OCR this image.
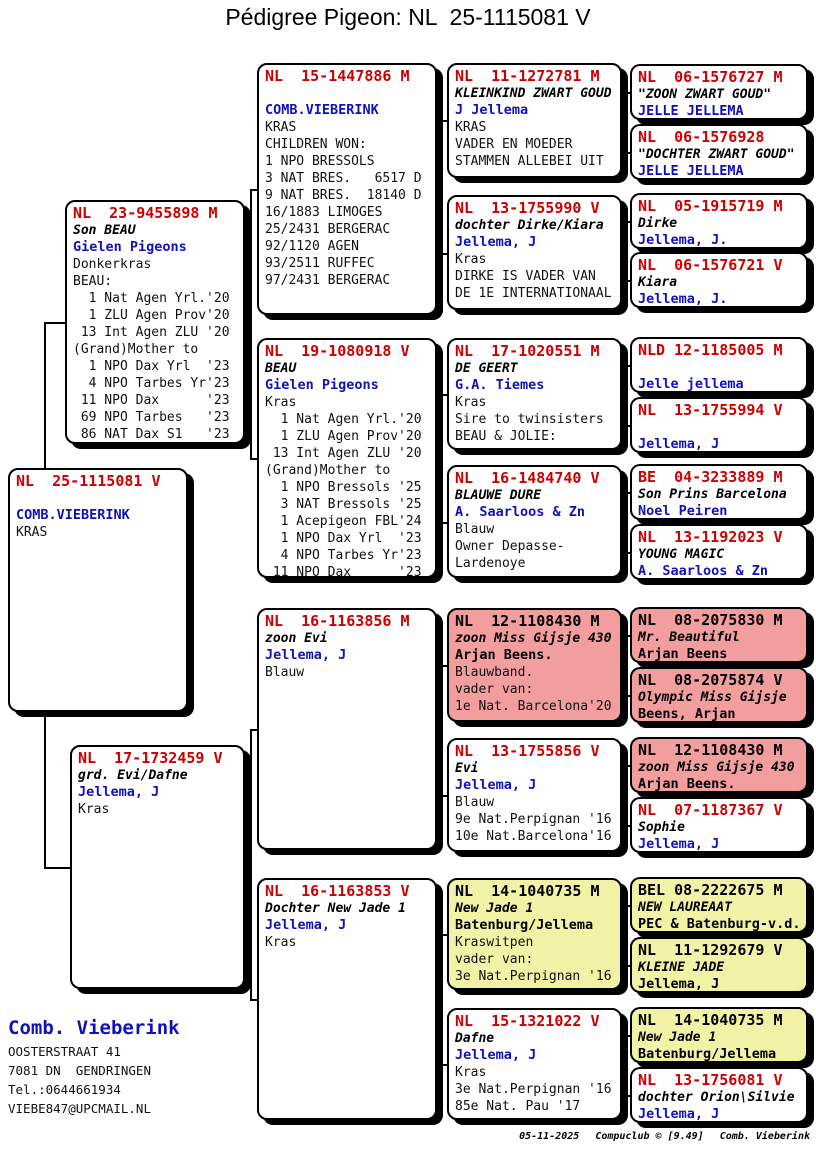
Pédigree Pigeon: NL  25-1115081 V
NL  25-1115081 V
COMB.VIEBERINK
KRAS
NL  23-9455898 M
Son BEAU
Gielen Pigeons
Donkerkras
BEAU:
1 Nat Agen Yrl.'20
1 ZLU Agen Prov'20
13 Int Agen ZLU '20
(Grand)Mother to
1 NPO Dax Yrl  '23
4 NPO Tarbes Yr'23
11 NPO Dax      '23
69 NPO Tarbes   '23
86 NAT Dax S1   '23
NL  17-1732459 V
grd. Evi/Dafne
Jellema, J
Kras
NL  15-1447886 M
COMB.VIEBERINK
KRAS
CHILDREN WON:
1 NPO BRESSOLS
3 NAT BRES.   6517 D
9 NAT BRES.  18140 D
16/1883 LIMOGES
25/2431 BERGERAC
92/1120 AGEN
93/2511 RUFFEC
97/2431 BERGERAC
NL  19-1080918 V
BEAU
Gielen Pigeons
Kras
1 Nat Agen Yrl.'20
1 ZLU Agen Prov'20
13 Int Agen ZLU '20
(Grand)Mother to
1 NPO Bressols '25
3 NAT Bressols '25
1 Acepigeon FBL'24
1 NPO Dax Yrl  '23
4 NPO Tarbes Yr'23
11 NPO Dax      '23
NL  16-1163856 M
zoon Evi
Jellema, J
Blauw
NL  16-1163853 V
Dochter New Jade 1
Jellema, J
Kras
NL  11-1272781 M
KLEINKIND ZWART GOUD
J Jellema
KRAS
VADER EN MOEDER
STAMMEN ALLEBEI UIT
NL  13-1755990 V
dochter Dirke/Kiara
Jellema, J
Kras
DIRKE IS VADER VAN
DE 1E INTERNATIONAAL
NL  17-1020551 M
DE GEERT
G.A. Tiemes
Kras
Sire to twinsisters
BEAU & JOLIE:
NL  16-1484740 V
BLAUWE DURE
A. Saarloos & Zn
Blauw
Owner Depasse-
Lardenoye
NL  12-1108430 M
zoon Miss Gijsje 430
Arjan Beens.
Blauwband.
vader van:
1e Nat. Barcelona'20
NL  13-1755856 V
Evi
Jellema, J
Blauw
9e Nat.Perpignan '16
10e Nat.Barcelona'16
NL  14-1040735 M
New Jade 1
Batenburg/Jellema
Kraswitpen
vader van:
3e Nat.Perpignan '16
NL  15-1321022 V
Dafne
Jellema, J
Kras
3e Nat.Perpignan '16
85e Nat. Pau '17
NL  06-1576727 M
"ZOON ZWART GOUD"
JELLE JELLEMA
NL  06-1576928
"DOCHTER ZWART GOUD"
JELLE JELLEMA
NL  05-1915719 M
Dirke
Jellema, J.
NL  06-1576721 V
Kiara
Jellema, J.
NLD 12-1185005 M
Jelle jellema
NL  13-1755994 V
Jellema, J
BE  04-3233889 M
Son Prins Barcelona
Noel Peiren
NL  13-1192023 V
YOUNG MAGIC
A. Saarloos & Zn
NL  08-2075830 M
Mr. Beautiful
Arjan Beens
NL  08-2075874 V
Olympic Miss Gijsje
Beens, Arjan
NL  12-1108430 M
zoon Miss Gijsje 430
Arjan Beens.
NL  07-1187367 V
Sophie
Jellema, J
BEL 08-2222675 M
NEW LAUREAAT
PEC & Batenburg-v.d.
NL  11-1292679 V
KLEINE JADE
Jellema, J
NL  14-1040735 M
New Jade 1
Batenburg/Jellema
NL  13-1756081 V
dochter Orion\Silvie
Jellema, J
Comb. Vieberink
OOSTERSTRAAT 41
7081 DN  GENDRINGEN
Tel.:0644661934
VIEBE847@UPCMAIL.NL
05-11-2025 Compuclub © [9.49] Comb. Vieberink
